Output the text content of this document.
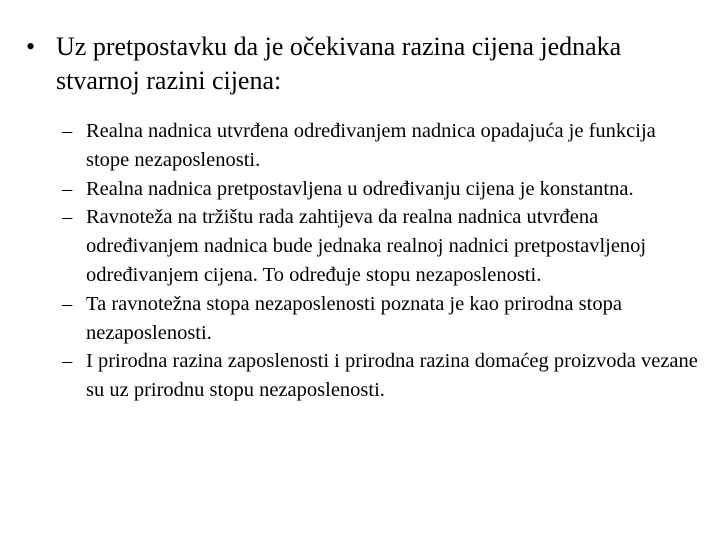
• Uz pretpostavku da je očekivana razina cijena jednaka stvarnoj razini cijena:
– Realna nadnica utvrđena određivanjem nadnica opadajuća je funkcija stope nezaposlenosti.
– Realna nadnica pretpostavljena u određivanju cijena je konstantna.
– Ravnoteža na tržištu rada zahtijeva da realna nadnica utvrđena određivanjem nadnica bude jednaka realnoj nadnici pretpostavljenoj određivanjem cijena. To određuje stopu nezaposlenosti.
– Ta ravnotežna stopa nezaposlenosti poznata je kao prirodna stopa nezaposlenosti.
– I prirodna razina zaposlenosti i prirodna razina domaćeg proizvoda vezane su uz prirodnu stopu nezaposlenosti.
